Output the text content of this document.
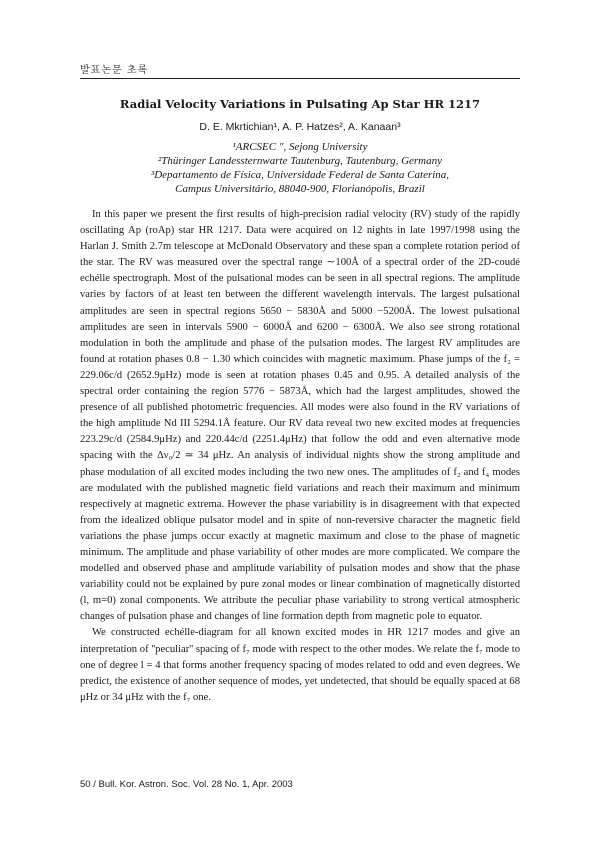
발표논문 초록
Radial Velocity Variations in Pulsating Ap Star HR 1217
D. E. Mkrtichian¹, A. P. Hatzes², A. Kanaan³
¹ARCSEC ", Sejong University
²Thüringer Landessternwarte Tautenburg, Tautenburg, Germany
³Departamento de Física, Universidade Federal de Santa Caterina,
Campus Universitário, 88040-900, Florianópolis, Brazil

In this paper we present the first results of high-precision radial velocity (RV) study of the rapidly oscillating Ap (roAp) star HR 1217. Data were acquired on 12 nights in late 1997/1998 using the Harlan J. Smith 2.7m telescope at McDonald Observatory and these span a complete rotation period of the star. The RV was measured over the spectral range ∼100Å of a spectral order of the 2D-coudé echélle spectrograph. Most of the pulsational modes can be seen in all spectral regions. The amplitude varies by factors of at least ten between the different wavelength intervals. The largest pulsational amplitudes are seen in spectral regions 5650 − 5830Å and 5000 −5200Å. The lowest pulsational amplitudes are seen in intervals 5900 − 6000Å and 6200 − 6300Å. We also see strong rotational modulation in both the amplitude and phase of the pulsation modes. The largest RV amplitudes are found at rotation phases 0.8 − 1.30 which coincides with magnetic maximum. Phase jumps of the f₂ = 229.06c/d (2652.9μHz) mode is seen at rotation phases 0.45 and 0.95. A detailed analysis of the spectral order containing the region 5776 − 5873Å, which had the largest amplitudes, showed the presence of all published photometric frequencies. All modes were also found in the RV variations of the high amplitude Nd III 5294.1Å feature. Our RV data reveal two new excited modes at frequencies 223.29c/d (2584.9μHz) and 220.44c/d (2251.4μHz) that follow the odd and even alternative mode spacing with the Δν₀/2 ≃ 34 μHz. An analysis of individual nights show the strong amplitude and phase modulation of all excited modes including the two new ones. The amplitudes of f₂ and f₄ modes are modulated with the published magnetic field variations and reach their maximum and minimum respectively at magnetic extrema. However the phase variability is in disagreement with that expected from the idealized oblique pulsator model and in spite of non-reversive character the magnetic field variations the phase jumps occur exactly at magnetic maximum and close to the phase of magnetic minimum. The amplitude and phase variability of other modes are more complicated. We compare the modelled and observed phase and amplitude variability of pulsation modes and show that the phase variability could not be explained by pure zonal modes or linear combination of magnetically distorted (l, m=0) zonal components. We attribute the peculiar phase variability to strong vertical atmospheric changes of pulsation phase and changes of line formation depth from magnetic pole to equator.

We constructed echélle-diagram for all known excited modes in HR 1217 modes and give an interpretation of ''peculiar'' spacing of f₇ mode with respect to the other modes. We relate the f₇ mode to one of degree l = 4 that forms another frequency spacing of modes related to odd and even degrees. We predict, the existence of another sequence of modes, yet undetected, that should be equally spaced at 68 μHz or 34 μHz with the f₇ one.

50 / Bull. Kor. Astron. Soc. Vol. 28 No. 1, Apr. 2003
